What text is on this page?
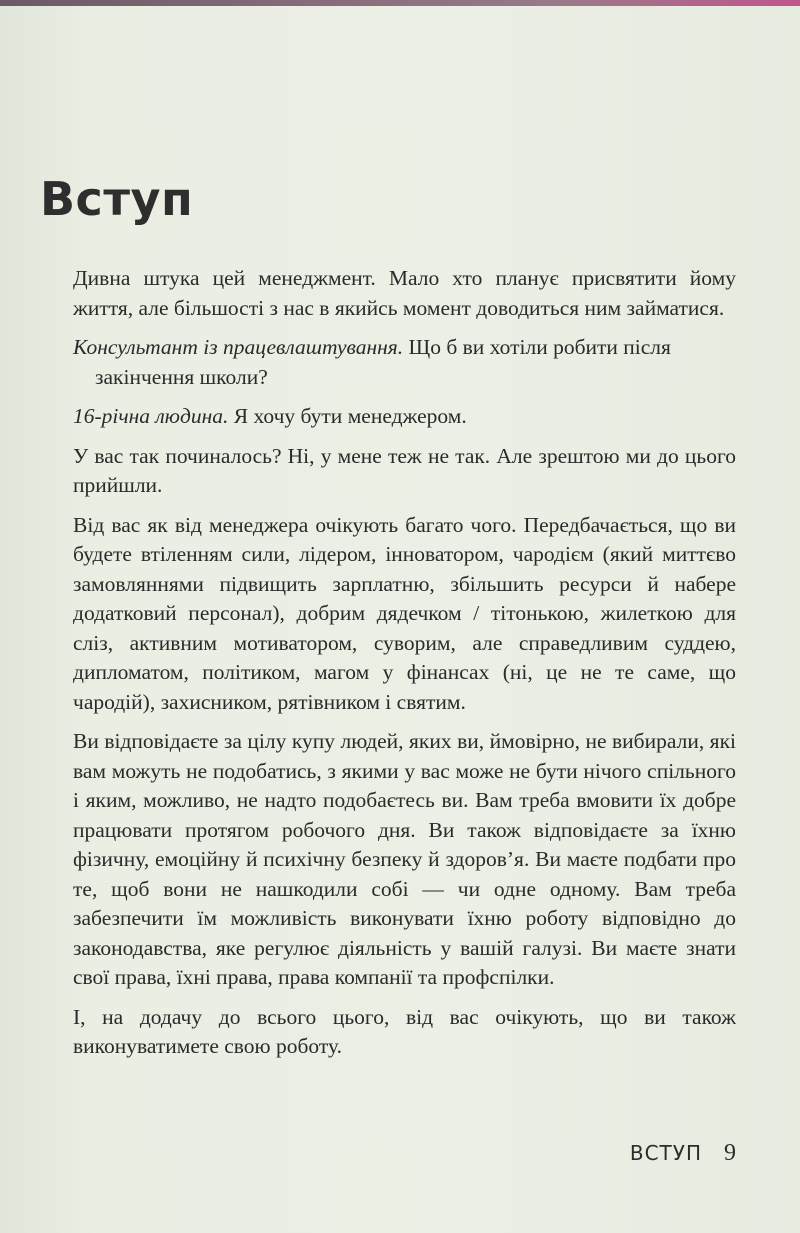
Вступ

Дивна штука цей менеджмент. Мало хто планує присвятити йому життя, але більшості з нас в якийсь момент доводиться ним займатися.

Консультант із працевлаштування. Що б ви хотіли робити після закінчення школи?

16-річна людина. Я хочу бути менеджером.

У вас так починалось? Ні, у мене теж не так. Але зрештою ми до цього прийшли.

Від вас як від менеджера очікують багато чого. Передбачається, що ви будете втіленням сили, лідером, інноватором, чародієм (який миттєво замовляннями підвищить зарплатню, збільшить ресурси й набере додатковий персонал), добрим дядечком / тітонькою, жилеткою для сліз, активним мотиватором, суворим, але справедливим суддею, дипломатом, політиком, магом у фінансах (ні, це не те саме, що чародій), захисником, рятівником і святим.

Ви відповідаєте за цілу купу людей, яких ви, ймовірно, не вибирали, які вам можуть не подобатись, з якими у вас може не бути нічого спільного і яким, можливо, не надто подобаєтесь ви. Вам треба вмовити їх добре працювати протягом робочого дня. Ви також відповідаєте за їхню фізичну, емоційну й психічну безпеку й здоров’я. Ви маєте подбати про те, щоб вони не нашкодили собі — чи одне одному. Вам треба забезпечити їм можливість виконувати їхню роботу відповідно до законодавства, яке регулює діяльність у вашій галузі. Ви маєте знати свої права, їхні права, права компанії та профспілки.

І, на додачу до всього цього, від вас очікують, що ви також виконуватимете свою роботу.

ВСТУП 9
